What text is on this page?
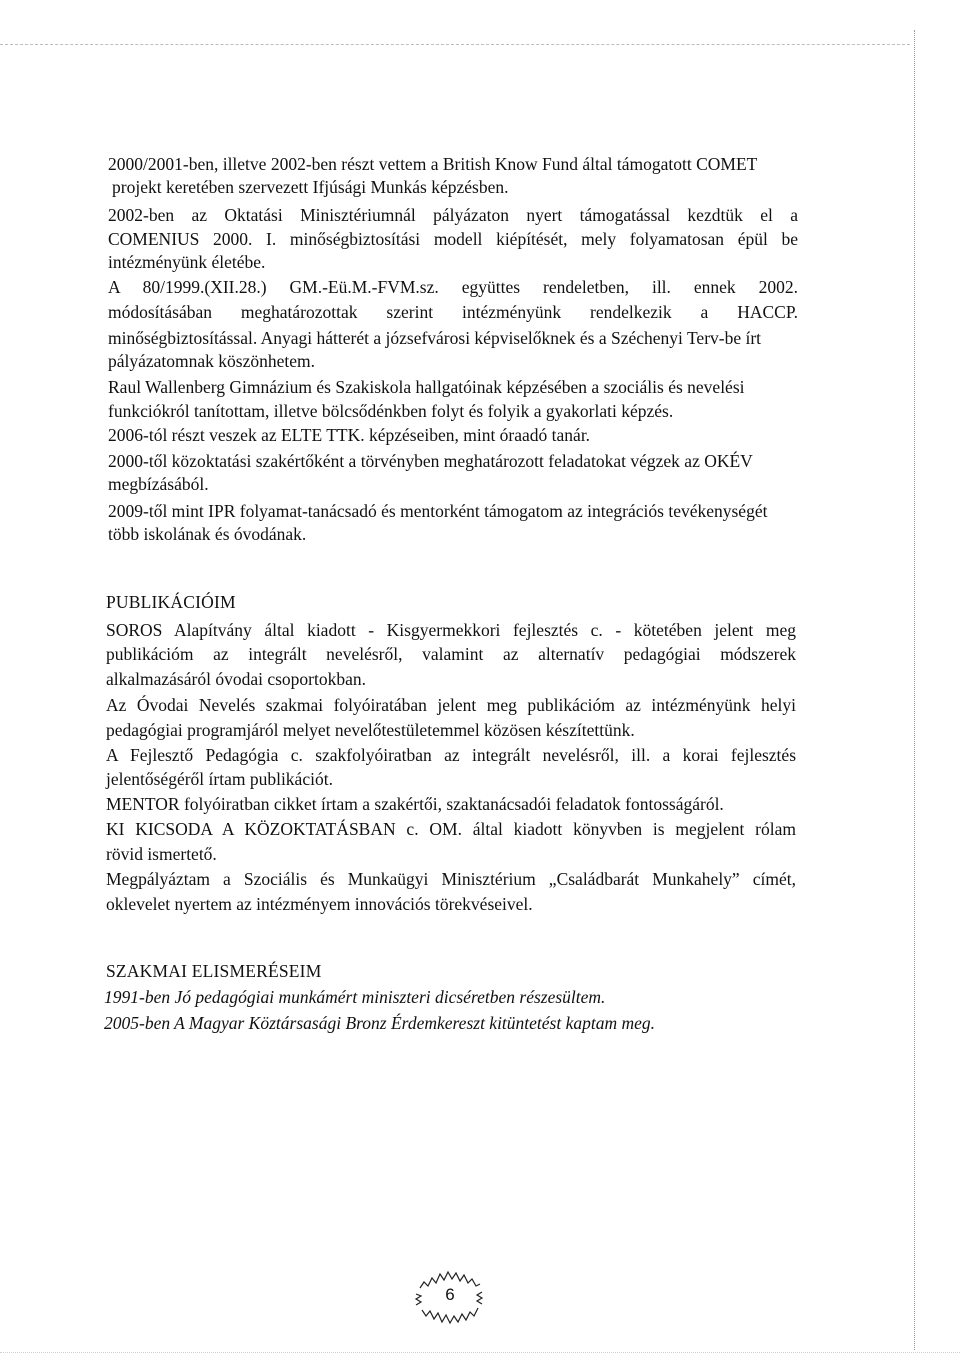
2000/2001-ben, illetve 2002-ben részt vettem a British Know Fund által támogatott COMET

projekt keretében szervezett Ifjúsági Munkás képzésben.

2002-ben az Oktatási Minisztériumnál pályázaton nyert támogatással kezdtük el a

COMENIUS 2000. I. minőségbiztosítási modell kiépítését, mely folyamatosan épül be

intézményünk életébe.

A 80/1999.(XII.28.) GM.-Eü.M.-FVM.sz. együttes rendeletben, ill. ennek 2002.

módosításában meghatározottak szerint intézményünk rendelkezik a HACCP.

minőségbiztosítással. Anyagi hátterét a józsefvárosi képviselőknek és a Széchenyi Terv-be írt

pályázatomnak köszönhetem.

Raul Wallenberg Gimnázium és Szakiskola hallgatóinak képzésében a szociális és nevelési

funkciókról tanítottam, illetve bölcsődénkben folyt és folyik a gyakorlati képzés.

2006-tól részt veszek az ELTE TTK. képzéseiben, mint óraadó tanár.

2000-től közoktatási szakértőként a törvényben meghatározott feladatokat végzek az OKÉV

megbízásából.

2009-től mint IPR folyamat-tanácsadó és mentorként támogatom az integrációs tevékenységét

több iskolának és óvodának.

PUBLIKÁCIÓIM

SOROS Alapítvány által kiadott - Kisgyermekkori fejlesztés c. - kötetében jelent meg

publikációm az integrált nevelésről, valamint az alternatív pedagógiai módszerek

alkalmazásáról óvodai csoportokban.

Az Óvodai Nevelés szakmai folyóiratában jelent meg publikációm az intézményünk helyi

pedagógiai programjáról melyet nevelőtestületemmel közösen készítettünk.

A Fejlesztő Pedagógia c. szakfolyóiratban az integrált nevelésről, ill. a korai fejlesztés

jelentőségéről írtam publikációt.

MENTOR folyóiratban cikket írtam a szakértői, szaktanácsadói feladatok fontosságáról.

KI KICSODA A KÖZOKTATÁSBAN c. OM. által kiadott könyvben is megjelent rólam

rövid ismertető.

Megpályáztam a Szociális és Munkaügyi Minisztérium „Családbarát Munkahely” címét,

oklevelet nyertem az intézményem innovációs törekvéseivel.

SZAKMAI ELISMERÉSEIM

1991-ben Jó pedagógiai munkámért miniszteri dicséretben részesültem.

2005-ben A Magyar Köztársasági Bronz Érdemkereszt kitüntetést kaptam meg.

6
